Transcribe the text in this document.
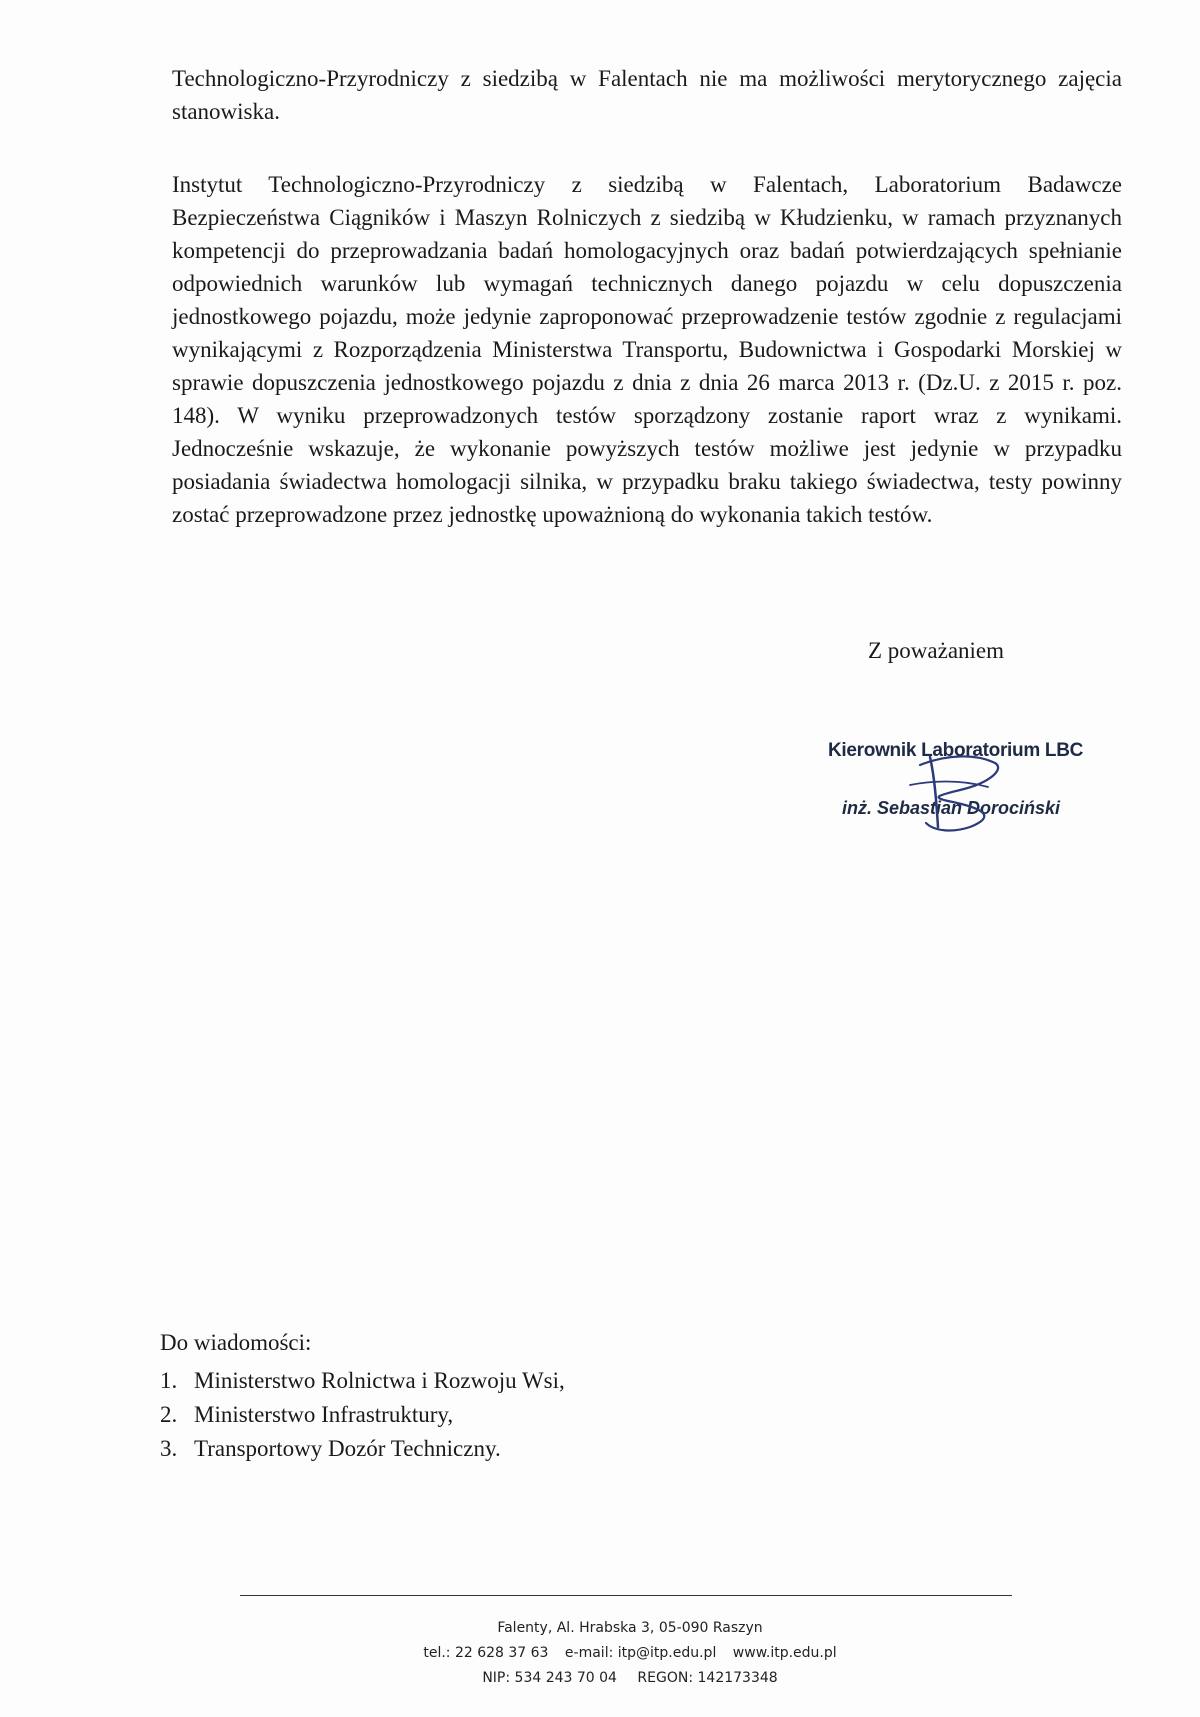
Technologiczno-Przyrodniczy z siedzibą w Falentach nie ma możliwości merytorycznego zajęcia stanowiska.

Instytut Technologiczno-Przyrodniczy z siedzibą w Falentach, Laboratorium Badawcze Bezpieczeństwa Ciągników i Maszyn Rolniczych z siedzibą w Kłudzienku, w ramach przyznanych kompetencji do przeprowadzania badań homologacyjnych oraz badań potwierdzających spełnianie odpowiednich warunków lub wymagań technicznych danego pojazdu w celu dopuszczenia jednostkowego pojazdu, może jedynie zaproponować przeprowadzenie testów zgodnie z regulacjami wynikającymi z Rozporządzenia Ministerstwa Transportu, Budownictwa i Gospodarki Morskiej w sprawie dopuszczenia jednostkowego pojazdu z dnia z dnia 26 marca 2013 r. (Dz.U. z 2015 r. poz. 148). W wyniku przeprowadzonych testów sporządzony zostanie raport wraz z wynikami. Jednocześnie wskazuje, że wykonanie powyższych testów możliwe jest jedynie w przypadku posiadania świadectwa homologacji silnika, w przypadku braku takiego świadectwa, testy powinny zostać przeprowadzone przez jednostkę upoważnioną do wykonania takich testów.

Z poważaniem
Kierownik Laboratorium LBC
inż. Sebastian Dorociński
Do wiadomości:
1. Ministerstwo Rolnictwa i Rozwoju Wsi,
2. Ministerstwo Infrastruktury,
3. Transportowy Dozór Techniczny.
Falenty, Al. Hrabska 3, 05-090 Raszyn
tel.: 22 628 37 63 e-mail: itp@itp.edu.pl www.itp.edu.pl
NIP: 534 243 70 04 REGON: 142173348
